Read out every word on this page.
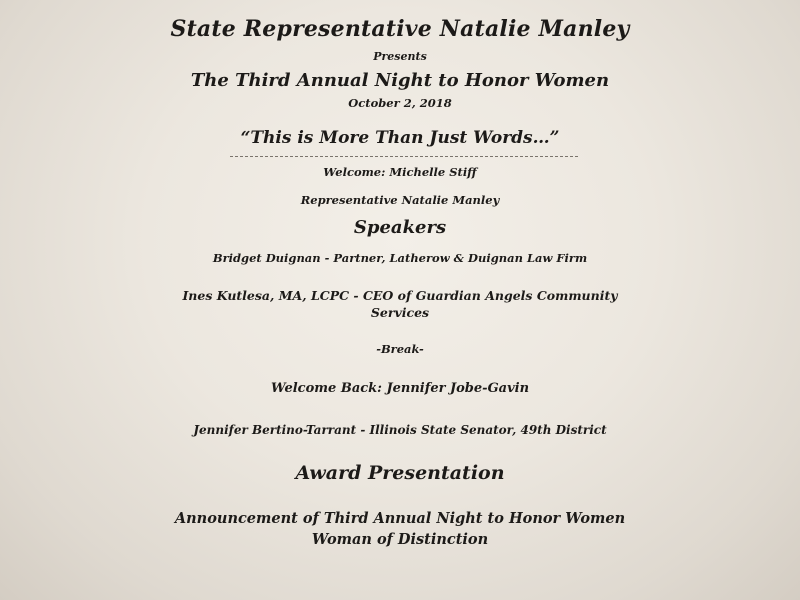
State Representative Natalie Manley
Presents
The Third Annual Night to Honor Women
October 2, 2018
“This is More Than Just Words…”
Welcome: Michelle Stiff
Representative Natalie Manley
Speakers
Bridget Duignan - Partner, Latherow & Duignan Law Firm
Ines Kutlesa, MA, LCPC - CEO of Guardian Angels Community
Services
-Break-
Welcome Back: Jennifer Jobe-Gavin
Jennifer Bertino-Tarrant - Illinois State Senator, 49th District
Award Presentation
Announcement of Third Annual Night to Honor Women
Woman of Distinction
